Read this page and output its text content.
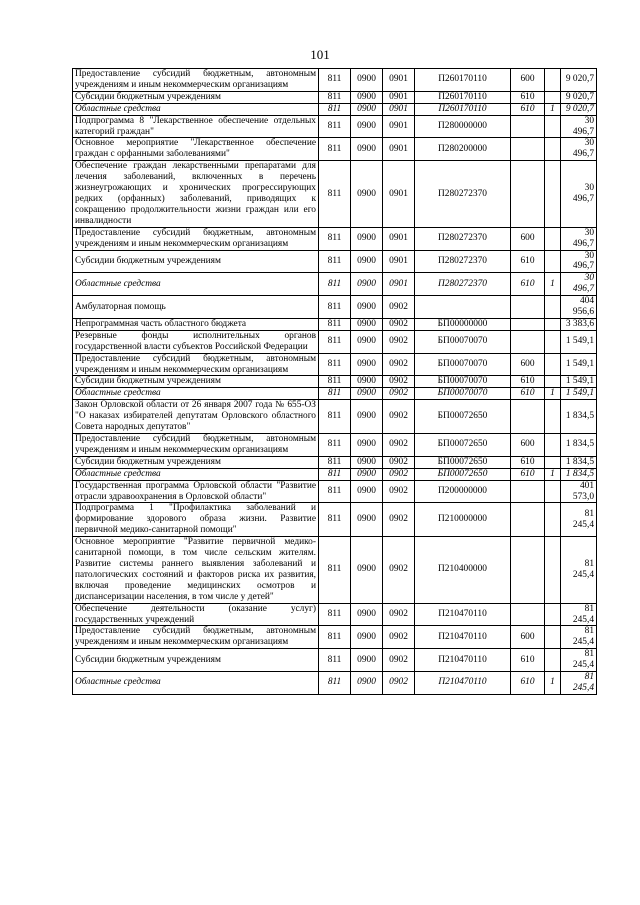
101
Предоставление субсидий бюджетным, автономным учреждениям и иным некоммерческим организациям	811	0900	0901	П260170110	600		9 020,7
Субсидии бюджетным учреждениям	811	0900	0901	П260170110	610		9 020,7
Областные средства	811	0900	0901	П260170110	610	1	9 020,7
Подпрограмма 8 "Лекарственное обеспечение отдельных категорий граждан"	811	0900	0901	П280000000			30 496,7
Основное мероприятие "Лекарственное обеспечение граждан с орфанными заболеваниями"	811	0900	0901	П280200000			30 496,7
Обеспечение граждан лекарственными препаратами для лечения заболеваний, включенных в перечень жизнеугрожающих и хронических прогрессирующих редких (орфанных) заболеваний, приводящих к сокращению продолжительности жизни граждан или его инвалидности	811	0900	0901	П280272370			30 496,7
Предоставление субсидий бюджетным, автономным учреждениям и иным некоммерческим организациям	811	0900	0901	П280272370	600		30 496,7
Субсидии бюджетным учреждениям	811	0900	0901	П280272370	610		30 496,7
Областные средства	811	0900	0901	П280272370	610	1	30 496,7
Амбулаторная помощь	811	0900	0902				404 956,6
Непрограммная часть областного бюджета	811	0900	0902	БП00000000			3 383,6
Резервные фонды исполнительных органов государственной власти субъектов Российской Федерации	811	0900	0902	БП00070070			1 549,1
Предоставление субсидий бюджетным, автономным учреждениям и иным некоммерческим организациям	811	0900	0902	БП00070070	600		1 549,1
Субсидии бюджетным учреждениям	811	0900	0902	БП00070070	610		1 549,1
Областные средства	811	0900	0902	БП00070070	610	1	1 549,1
Закон Орловской области от 26 января 2007 года № 655-ОЗ "О наказах избирателей депутатам Орловского областного Совета народных депутатов"	811	0900	0902	БП00072650			1 834,5
Предоставление субсидий бюджетным, автономным учреждениям и иным некоммерческим организациям	811	0900	0902	БП00072650	600		1 834,5
Субсидии бюджетным учреждениям	811	0900	0902	БП00072650	610		1 834,5
Областные средства	811	0900	0902	БП00072650	610	1	1 834,5
Государственная программа Орловской области "Развитие отрасли здравоохранения в Орловской области"	811	0900	0902	П200000000			401 573,0
Подпрограмма 1 "Профилактика заболеваний и формирование здорового образа жизни. Развитие первичной медико-санитарной помощи"	811	0900	0902	П210000000			81 245,4
Основное мероприятие "Развитие первичной медико-санитарной помощи, в том числе сельским жителям. Развитие системы раннего выявления заболеваний и патологических состояний и факторов риска их развития, включая проведение медицинских осмотров и диспансеризации населения, в том числе у детей"	811	0900	0902	П210400000			81 245,4
Обеспечение деятельности (оказание услуг) государственных учреждений	811	0900	0902	П210470110			81 245,4
Предоставление субсидий бюджетным, автономным учреждениям и иным некоммерческим организациям	811	0900	0902	П210470110	600		81 245,4
Субсидии бюджетным учреждениям	811	0900	0902	П210470110	610		81 245,4
Областные средства	811	0900	0902	П210470110	610	1	81 245,4
